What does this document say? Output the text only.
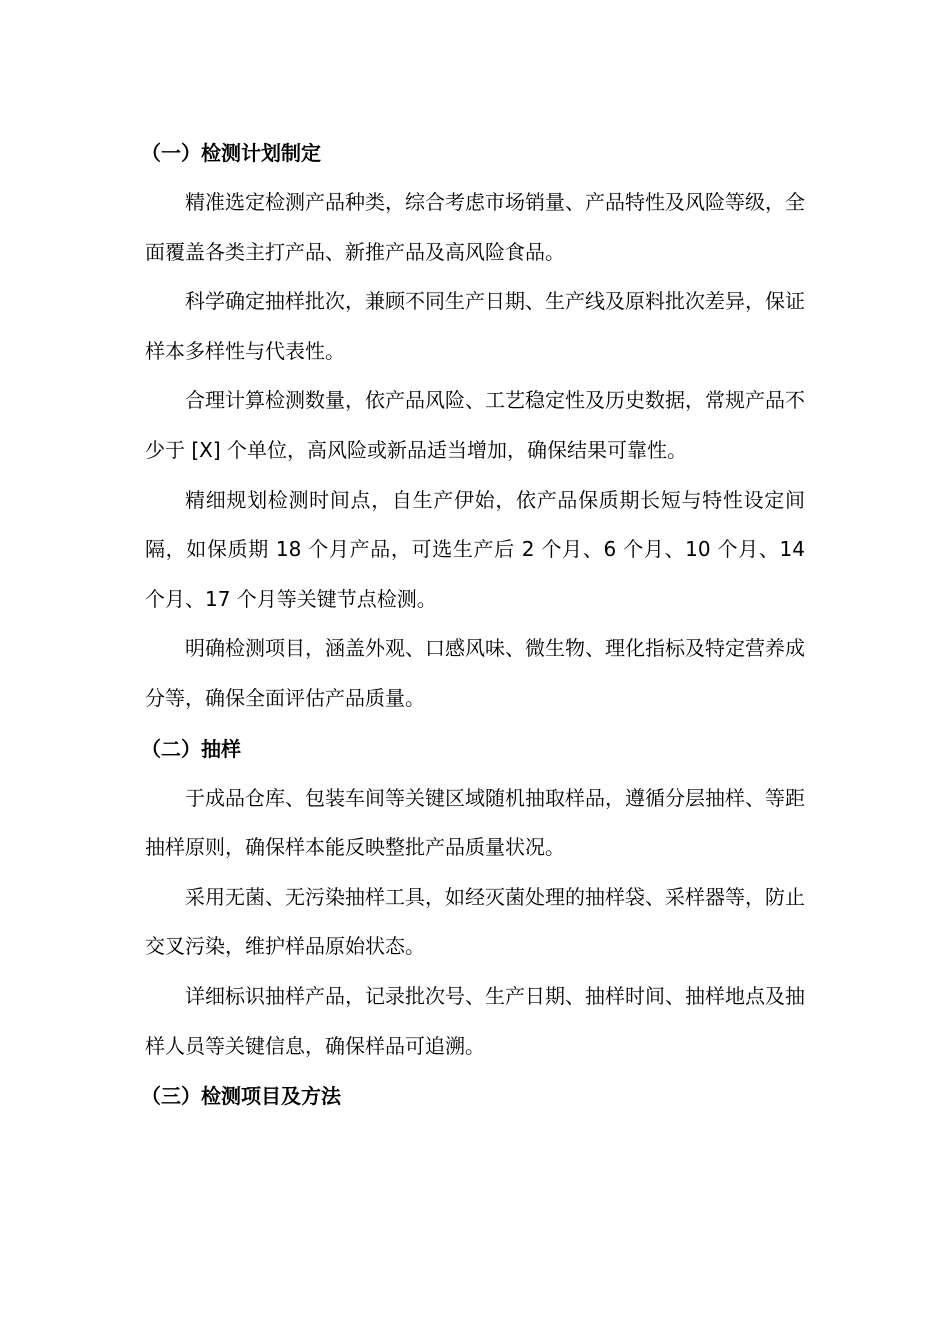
（一）检测计划制定

精准选定检测产品种类，综合考虑市场销量、产品特性及风险等级，全面覆盖各类主打产品、新推产品及高风险食品。

科学确定抽样批次，兼顾不同生产日期、生产线及原料批次差异，保证样本多样性与代表性。

合理计算检测数量，依产品风险、工艺稳定性及历史数据，常规产品不少于 [X] 个单位，高风险或新品适当增加，确保结果可靠性。

精细规划检测时间点，自生产伊始，依产品保质期长短与特性设定间隔，如保质期 18 个月产品，可选生产后 2 个月、6 个月、10 个月、14 个月、17 个月等关键节点检测。

明确检测项目，涵盖外观、口感风味、微生物、理化指标及特定营养成分等，确保全面评估产品质量。

（二）抽样

于成品仓库、包装车间等关键区域随机抽取样品，遵循分层抽样、等距抽样原则，确保样本能反映整批产品质量状况。

采用无菌、无污染抽样工具，如经灭菌处理的抽样袋、采样器等，防止交叉污染，维护样品原始状态。

详细标识抽样产品，记录批次号、生产日期、抽样时间、抽样地点及抽样人员等关键信息，确保样品可追溯。

（三）检测项目及方法
